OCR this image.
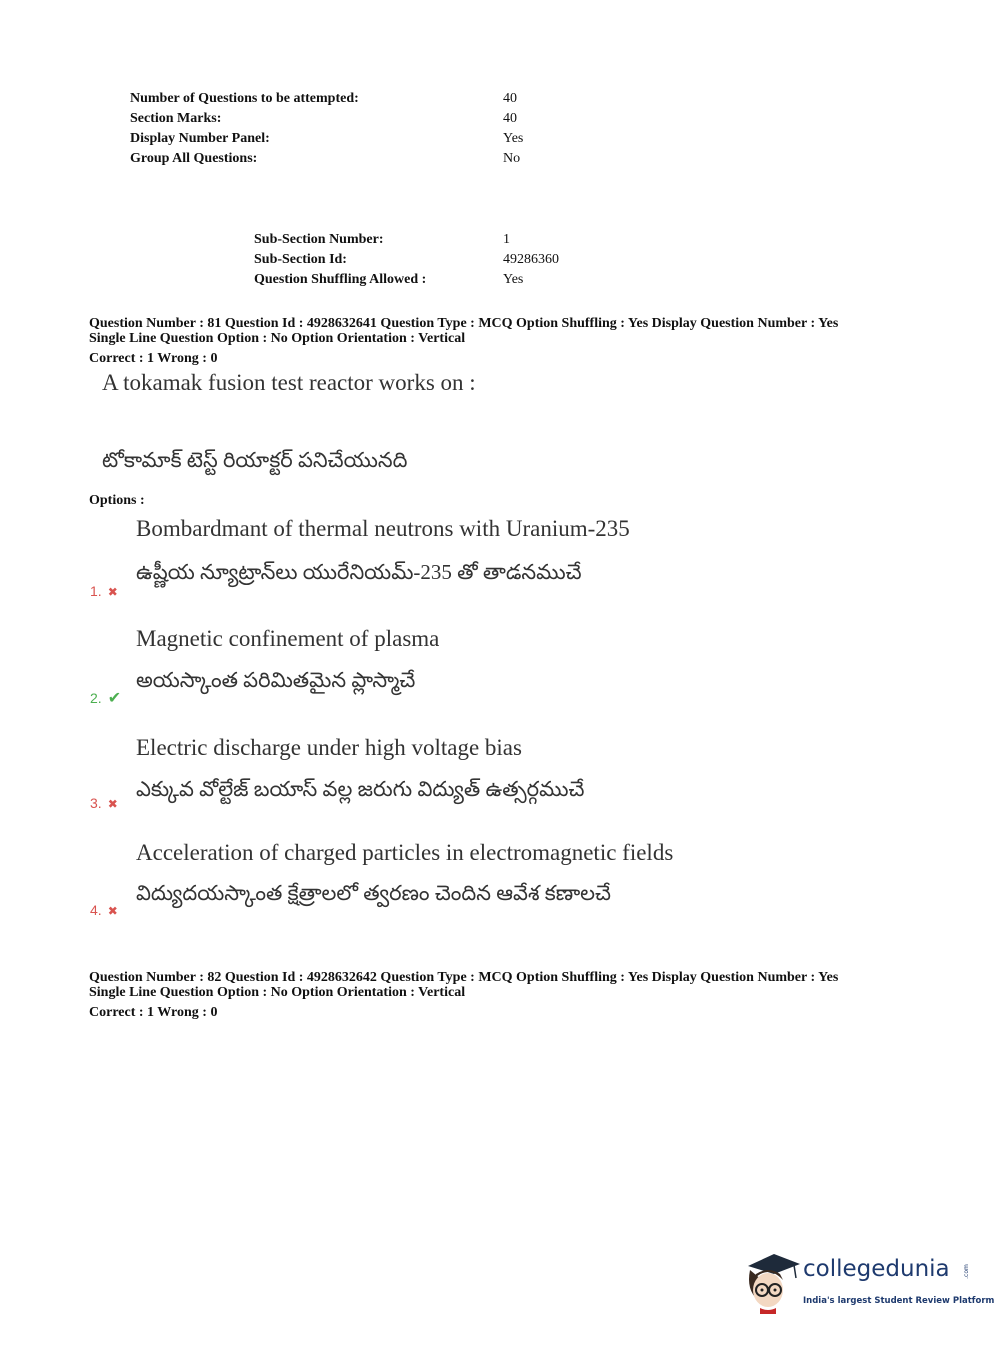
Number of Questions to be attempted:	40
Section Marks:	40
Display Number Panel:	Yes
Group All Questions:	No
Sub-Section Number:	1
Sub-Section Id:	49286360
Question Shuffling Allowed :	Yes
Question Number : 81 Question Id : 4928632641 Question Type : MCQ Option Shuffling : Yes Display Question Number : Yes
Single Line Question Option : No Option Orientation : Vertical
Correct : 1 Wrong : 0
A tokamak fusion test reactor works on :
టోకామాక్ టెస్ట్ రియాక్టర్ పనిచేయునది
Options :
Bombardmant of thermal neutrons with Uranium-235
ఉష్ణీయ న్యూట్రాన్‌లు యురేనియమ్-235 తో తాడనముచే
1. ✖
Magnetic confinement of plasma
అయస్కాంత పరిమితమైన ప్లాస్మాచే
2. ✔
Electric discharge under high voltage bias
ఎక్కువ వోల్టేజ్ బయాస్ వల్ల జరుగు విద్యుత్ ఉత్సర్గముచే
3. ✖
Acceleration of charged particles in electromagnetic fields
విద్యుదయస్కాంత క్షేత్రాలలో త్వరణం చెందిన ఆవేశ కణాలచే
4. ✖
Question Number : 82 Question Id : 4928632642 Question Type : MCQ Option Shuffling : Yes Display Question Number : Yes
Single Line Question Option : No Option Orientation : Vertical
Correct : 1 Wrong : 0
collegedunia .com
India's largest Student Review Platform
